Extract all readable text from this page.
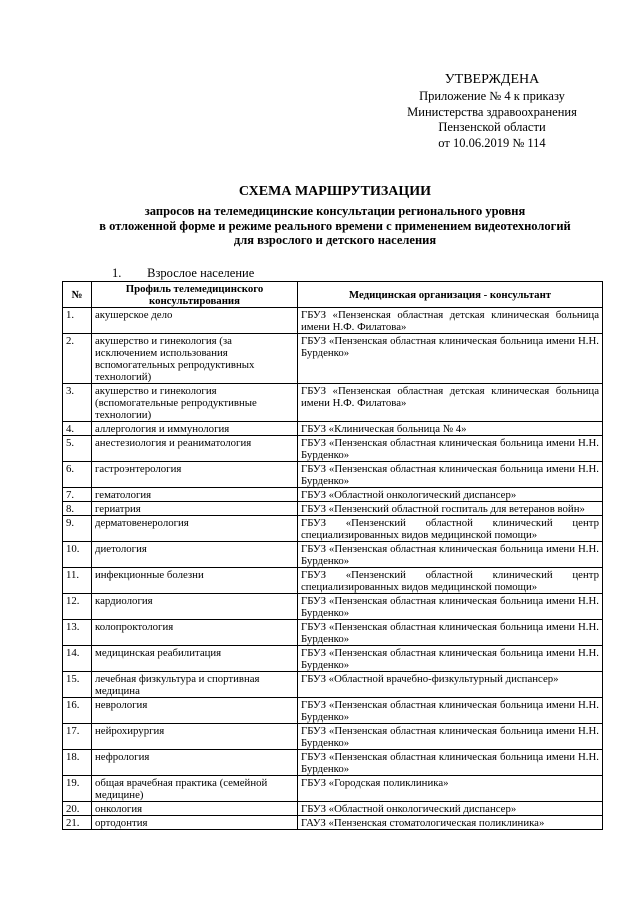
УТВЕРЖДЕНА
Приложение № 4 к приказу
Министерства здравоохранения
Пензенской области
от 10.06.2019 № 114
СХЕМА МАРШРУТИЗАЦИИ
запросов на телемедицинские консультации регионального уровня
в отложенной форме и режиме реального времени с применением видеотехнологий
для взрослого и детского населения
1. Взрослое население
№	Профиль телемедицинского консультирования	Медицинская организация - консультант
1.	акушерское дело	ГБУЗ «Пензенская областная детская клиническая больница имени Н.Ф. Филатова»
2.	акушерство и гинекология (за исключением использования вспомогательных репродуктивных технологий)	ГБУЗ «Пензенская областная клиническая больница имени Н.Н. Бурденко»
3.	акушерство и гинекология (вспомогательные репродуктивные технологии)	ГБУЗ «Пензенская областная детская клиническая больница имени Н.Ф. Филатова»
4.	аллергология и иммунология	ГБУЗ «Клиническая больница № 4»
5.	анестезиология и реаниматология	ГБУЗ «Пензенская областная клиническая больница имени Н.Н. Бурденко»
6.	гастроэнтерология	ГБУЗ «Пензенская областная клиническая больница имени Н.Н. Бурденко»
7.	гематология	ГБУЗ «Областной онкологический диспансер»
8.	гериатрия	ГБУЗ «Пензенский областной госпиталь для ветеранов войн»
9.	дерматовенерология	ГБУЗ «Пензенский областной клинический центр специализированных видов медицинской помощи»
10.	диетология	ГБУЗ «Пензенская областная клиническая больница имени Н.Н. Бурденко»
11.	инфекционные болезни	ГБУЗ «Пензенский областной клинический центр специализированных видов медицинской помощи»
12.	кардиология	ГБУЗ «Пензенская областная клиническая больница имени Н.Н. Бурденко»
13.	колопроктология	ГБУЗ «Пензенская областная клиническая больница имени Н.Н. Бурденко»
14.	медицинская реабилитация	ГБУЗ «Пензенская областная клиническая больница имени Н.Н. Бурденко»
15.	лечебная физкультура и спортивная медицина	ГБУЗ «Областной врачебно-физкультурный диспансер»
16.	неврология	ГБУЗ «Пензенская областная клиническая больница имени Н.Н. Бурденко»
17.	нейрохирургия	ГБУЗ «Пензенская областная клиническая больница имени Н.Н. Бурденко»
18.	нефрология	ГБУЗ «Пензенская областная клиническая больница имени Н.Н. Бурденко»
19.	общая врачебная практика (семейной медицине)	ГБУЗ «Городская поликлиника»
20.	онкология	ГБУЗ «Областной онкологический диспансер»
21.	ортодонтия	ГАУЗ «Пензенская стоматологическая поликлиника»
